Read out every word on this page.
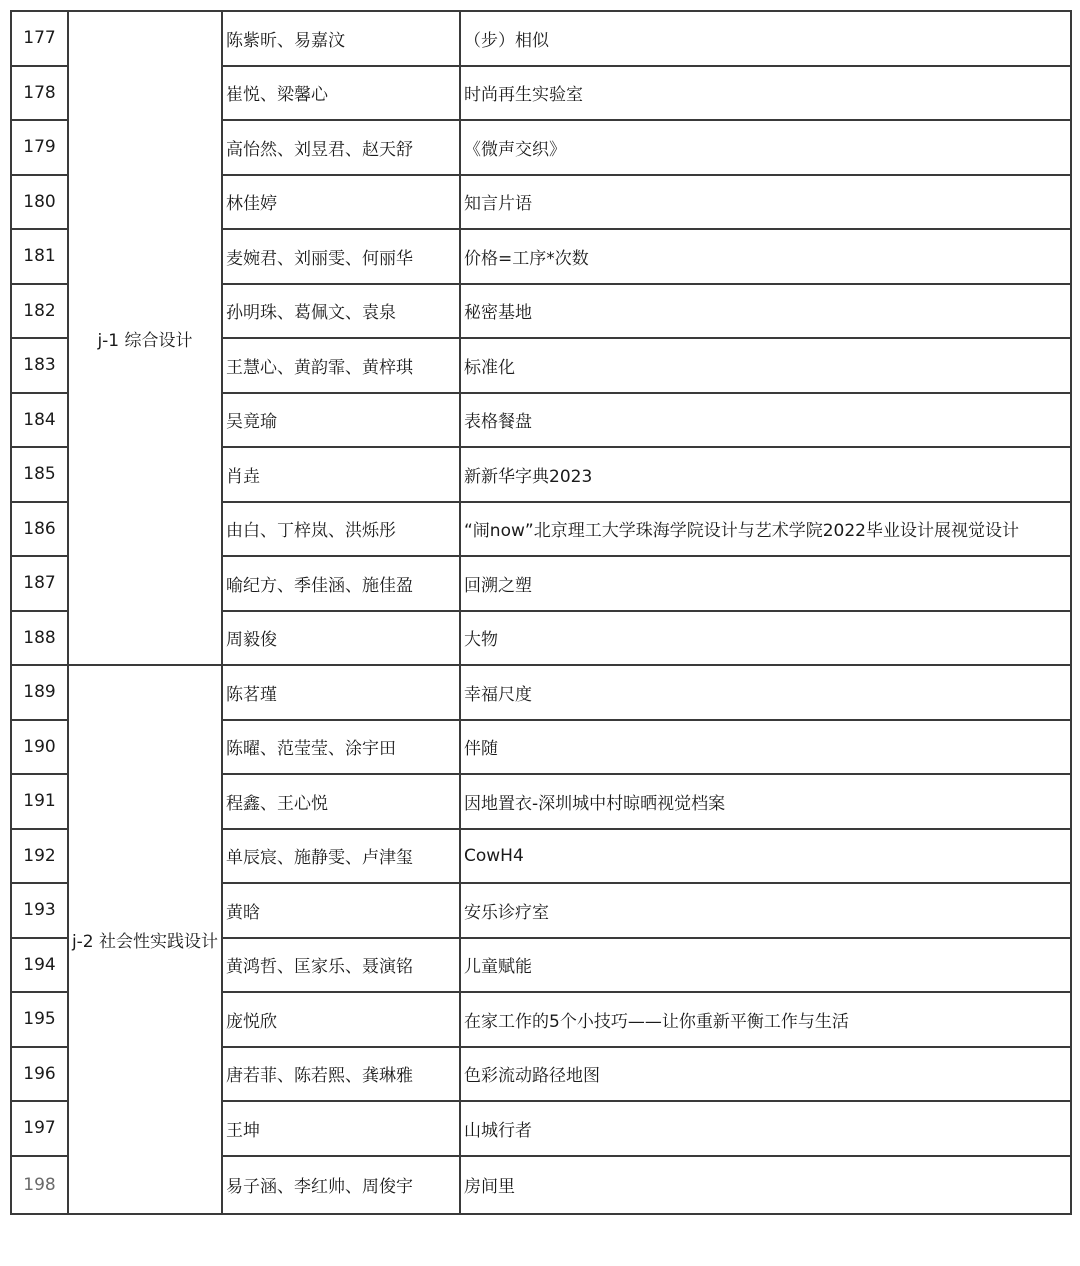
177	j-1 综合设计	陈紫昕、易嘉汶	（步）相似
178		崔悦、梁馨心	时尚再生实验室
179		高怡然、刘昱君、赵天舒	《微声交织》
180		林佳婷	知言片语
181		麦婉君、刘丽雯、何丽华	价格=工序*次数
182		孙明珠、葛佩文、袁泉	秘密基地
183		王慧心、黄韵霏、黄梓琪	标准化
184		吴竟瑜	表格餐盘
185		肖垚	新新华字典2023
186		由白、丁梓岚、洪烁彤	“闹now”北京理工大学珠海学院设计与艺术学院2022毕业设计展视觉设计
187		喻纪方、季佳涵、施佳盈	回溯之塑
188		周毅俊	大物
189	j-2 社会性实践设计	陈茗瑾	幸福尺度
190		陈曜、范莹莹、涂宇田	伴随
191		程鑫、王心悦	因地置衣-深圳城中村晾晒视觉档案
192		单辰宸、施静雯、卢津玺	CowH4
193		黄晗	安乐诊疗室
194		黄鸿哲、匡家乐、聂演铭	儿童赋能
195		庞悦欣	在家工作的5个小技巧——让你重新平衡工作与生活
196		唐若菲、陈若熙、龚琳雅	色彩流动路径地图
197		王坤	山城行者
198		易子涵、李红帅、周俊宇	房间里
